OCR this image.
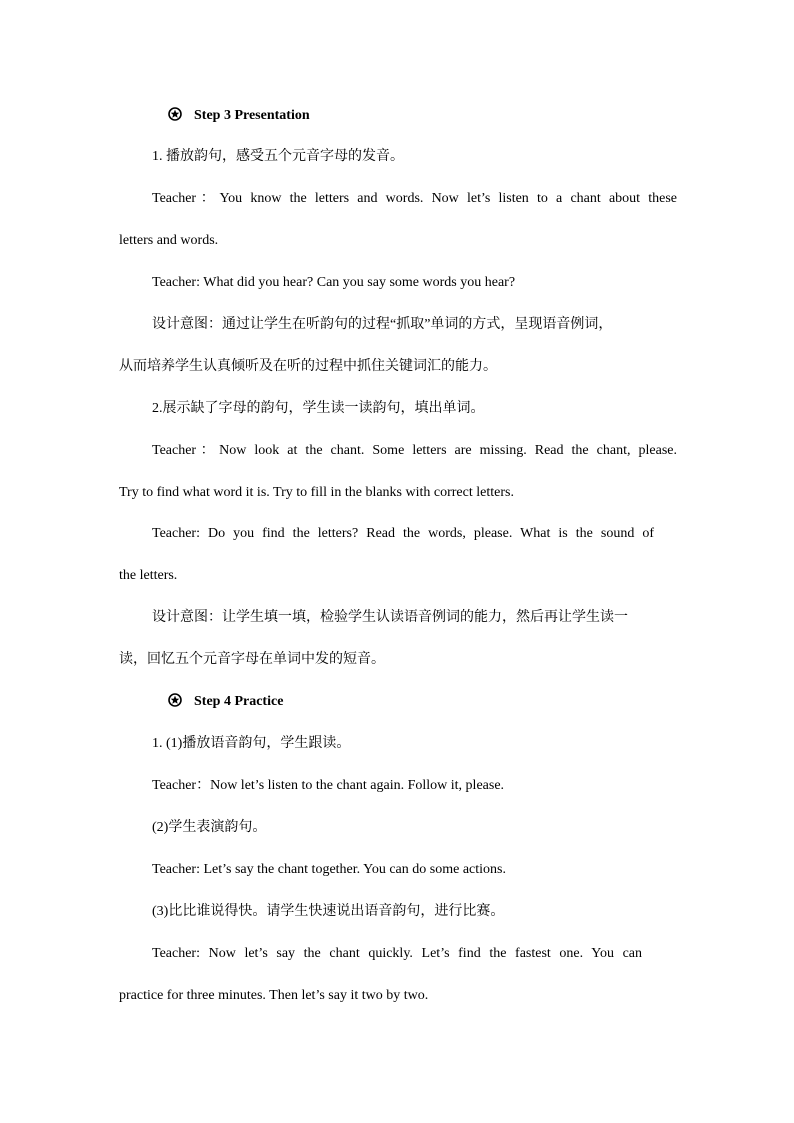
Step 3 Presentation
1. 播放韵句，感受五个元音字母的发音。
Teacher：You know the letters and words. Now let’s listen to a chant about these
letters and words.
Teacher: What did you hear? Can you say some words you hear?
设计意图：通过让学生在听韵句的过程“抓取”单词的方式，呈现语音例词，
从而培养学生认真倾听及在听的过程中抓住关键词汇的能力。
2.展示缺了字母的韵句，学生读一读韵句，填出单词。
Teacher：Now look at the chant. Some letters are missing. Read the chant, please.
Try to find what word it is. Try to fill in the blanks with correct letters.
Teacher: Do you find the letters? Read the words, please. What is the sound of
the letters.
设计意图：让学生填一填，检验学生认读语音例词的能力，然后再让学生读一
读，回忆五个元音字母在单词中发的短音。
Step 4 Practice
1. (1)播放语音韵句，学生跟读。
Teacher：Now let’s listen to the chant again. Follow it, please.
(2)学生表演韵句。
Teacher: Let’s say the chant together. You can do some actions.
(3)比比谁说得快。请学生快速说出语音韵句，进行比赛。
Teacher: Now let’s say the chant quickly. Let’s find the fastest one. You can
practice for three minutes. Then let’s say it two by two.
